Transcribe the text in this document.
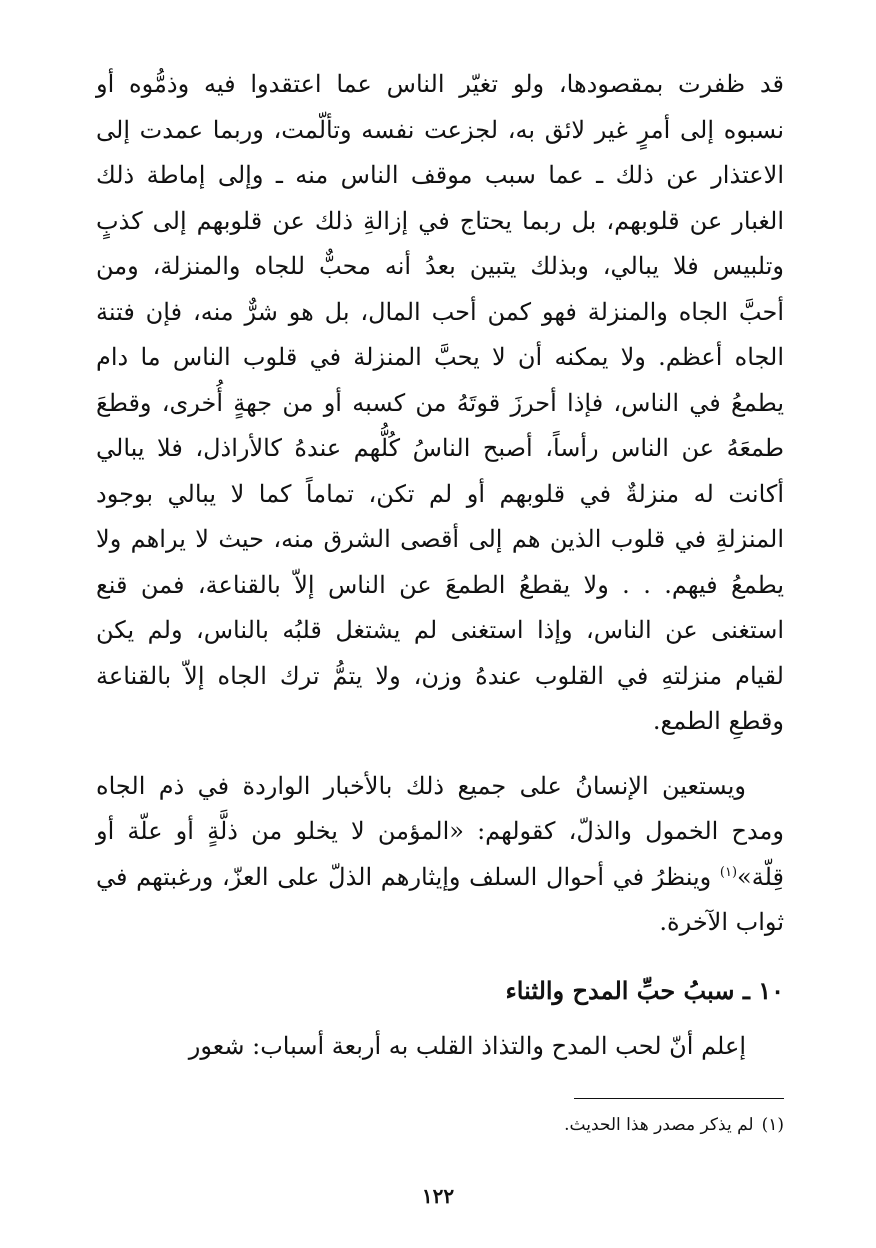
قد ظفرت بمقصودها، ولو تغيّر الناس عما اعتقدوا فيه وذمُّوه أو
نسبوه إلى أمرٍ غير لائق به، لجزعت نفسه وتألّمت، وربما عمدت إلى
الاعتذار عن ذلك ـ عما سبب موقف الناس منه ـ وإلى إماطة ذلك
الغبار عن قلوبهم، بل ربما يحتاج في إزالةِ ذلك عن قلوبهم إلى كذبٍ
وتلبيس فلا يبالي، وبذلك يتبين بعدُ أنه محبٌّ للجاه والمنزلة، ومن
أحبَّ الجاه والمنزلة فهو كمن أحب المال، بل هو شرٌّ منه، فإن فتنة
الجاه أعظم. ولا يمكنه أن لا يحبَّ المنزلة في قلوب الناس ما دام
يطمعُ في الناس، فإذا أحرزَ قوتَهُ من كسبه أو من جهةٍ أُخرى، وقطعَ
طمعَهُ عن الناس رأساً، أصبح الناسُ كُلُّهم عندهُ كالأراذل، فلا يبالي
أكانت له منزلةٌ في قلوبهم أو لم تكن، تماماً كما لا يبالي بوجود
المنزلةِ في قلوب الذين هم إلى أقصى الشرق منه، حيث لا يراهم ولا
يطمعُ فيهم. . . ولا يقطعُ الطمعَ عن الناس إلاّ بالقناعة، فمن قنع
استغنى عن الناس، وإذا استغنى لم يشتغل قلبُه بالناس، ولم يكن
لقيام منزلتهِ في القلوب عندهُ وزن، ولا يتمُّ ترك الجاه إلاّ بالقناعة
وقطعِ الطمع.
ويستعين الإنسانُ على جميع ذلك بالأخبار الواردة في ذم الجاه
ومدح الخمول والذلّ، كقولهم: «المؤمن لا يخلو من ذلَّةٍ أو علّة أو
قِلّة»$^{(١)}$ وينظرُ في أحوال السلف وإيثارهم الذلّ على العزّ، ورغبتهم في
ثواب الآخرة.
١٠ ـ سببُ حبِّ المدح والثناء
إعلم أنّ لحب المدح والتذاذ القلب به أربعة أسباب: شعور
(١)لم يذكر مصدر هذا الحديث.
١٢٢
